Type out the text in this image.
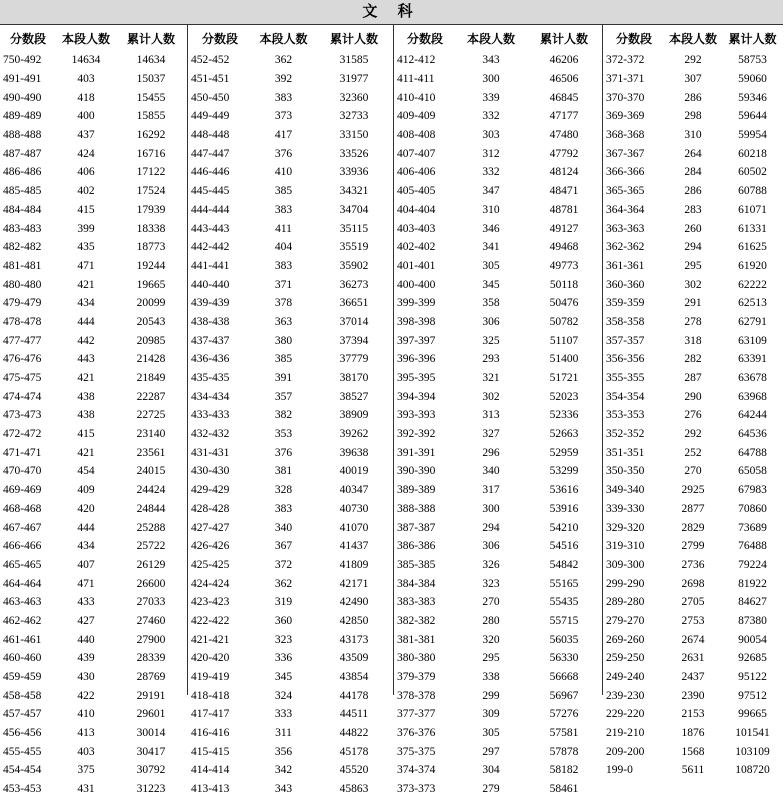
文 科
分数段	本段人数	累计人数
750-492	14634	14634
491-491	403	15037
490-490	418	15455
489-489	400	15855
488-488	437	16292
487-487	424	16716
486-486	406	17122
485-485	402	17524
484-484	415	17939
483-483	399	18338
482-482	435	18773
481-481	471	19244
480-480	421	19665
479-479	434	20099
478-478	444	20543
477-477	442	20985
476-476	443	21428
475-475	421	21849
474-474	438	22287
473-473	438	22725
472-472	415	23140
471-471	421	23561
470-470	454	24015
469-469	409	24424
468-468	420	24844
467-467	444	25288
466-466	434	25722
465-465	407	26129
464-464	471	26600
463-463	433	27033
462-462	427	27460
461-461	440	27900
460-460	439	28339
459-459	430	28769
458-458	422	29191
457-457	410	29601
456-456	413	30014
455-455	403	30417
454-454	375	30792
453-453	431	31223
分数段	本段人数	累计人数
452-452	362	31585
451-451	392	31977
450-450	383	32360
449-449	373	32733
448-448	417	33150
447-447	376	33526
446-446	410	33936
445-445	385	34321
444-444	383	34704
443-443	411	35115
442-442	404	35519
441-441	383	35902
440-440	371	36273
439-439	378	36651
438-438	363	37014
437-437	380	37394
436-436	385	37779
435-435	391	38170
434-434	357	38527
433-433	382	38909
432-432	353	39262
431-431	376	39638
430-430	381	40019
429-429	328	40347
428-428	383	40730
427-427	340	41070
426-426	367	41437
425-425	372	41809
424-424	362	42171
423-423	319	42490
422-422	360	42850
421-421	323	43173
420-420	336	43509
419-419	345	43854
418-418	324	44178
417-417	333	44511
416-416	311	44822
415-415	356	45178
414-414	342	45520
413-413	343	45863
分数段	本段人数	累计人数
412-412	343	46206
411-411	300	46506
410-410	339	46845
409-409	332	47177
408-408	303	47480
407-407	312	47792
406-406	332	48124
405-405	347	48471
404-404	310	48781
403-403	346	49127
402-402	341	49468
401-401	305	49773
400-400	345	50118
399-399	358	50476
398-398	306	50782
397-397	325	51107
396-396	293	51400
395-395	321	51721
394-394	302	52023
393-393	313	52336
392-392	327	52663
391-391	296	52959
390-390	340	53299
389-389	317	53616
388-388	300	53916
387-387	294	54210
386-386	306	54516
385-385	326	54842
384-384	323	55165
383-383	270	55435
382-382	280	55715
381-381	320	56035
380-380	295	56330
379-379	338	56668
378-378	299	56967
377-377	309	57276
376-376	305	57581
375-375	297	57878
374-374	304	58182
373-373	279	58461
分数段	本段人数	累计人数
372-372	292	58753
371-371	307	59060
370-370	286	59346
369-369	298	59644
368-368	310	59954
367-367	264	60218
366-366	284	60502
365-365	286	60788
364-364	283	61071
363-363	260	61331
362-362	294	61625
361-361	295	61920
360-360	302	62222
359-359	291	62513
358-358	278	62791
357-357	318	63109
356-356	282	63391
355-355	287	63678
354-354	290	63968
353-353	276	64244
352-352	292	64536
351-351	252	64788
350-350	270	65058
349-340	2925	67983
339-330	2877	70860
329-320	2829	73689
319-310	2799	76488
309-300	2736	79224
299-290	2698	81922
289-280	2705	84627
279-270	2753	87380
269-260	2674	90054
259-250	2631	92685
249-240	2437	95122
239-230	2390	97512
229-220	2153	99665
219-210	1876	101541
209-200	1568	103109
199-0	5611	108720
